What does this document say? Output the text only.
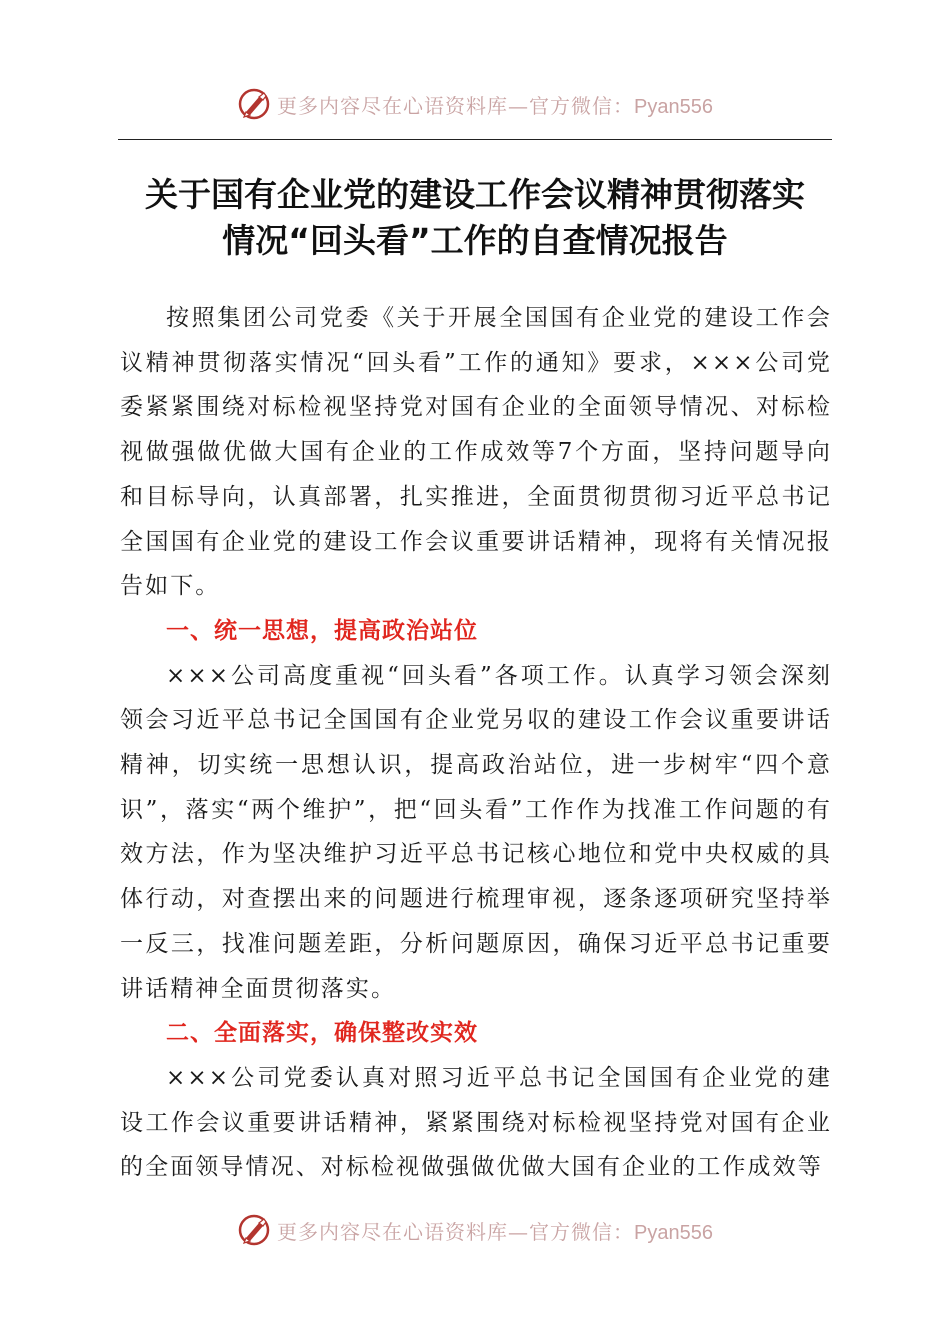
更多内容尽在心语资料库—官方微信：Pyan556
关于国有企业党的建设工作会议精神贯彻落实
情况“回头看”工作的自查情况报告

按照集团公司党委《关于开展全国国有企业党的建设工作会议精神贯彻落实情况“回头看”工作的通知》要求，×××公司党委紧紧围绕对标检视坚持党对国有企业的全面领导情况、对标检视做强做优做大国有企业的工作成效等7个方面，坚持问题导向和目标导向，认真部署，扎实推进，全面贯彻贯彻习近平总书记全国国有企业党的建设工作会议重要讲话精神，现将有关情况报告如下。

一、统一思想，提高政治站位

×××公司高度重视“回头看”各项工作。认真学习领会深刻领会习近平总书记全国国有企业党另収的建设工作会议重要讲话精神，切实统一思想认识，提高政治站位，进一步树牢“四个意识”，落实“两个维护”，把“回头看”工作作为找准工作问题的有效方法，作为坚决维护习近平总书记核心地位和党中央权威的具体行动，对查摆出来的问题进行梳理审视，逐条逐项研究坚持举一反三，找准问题差距，分析问题原因，确保习近平总书记重要讲话精神全面贯彻落实。

二、全面落实，确保整改实效

×××公司党委认真对照习近平总书记全国国有企业党的建设工作会议重要讲话精神，紧紧围绕对标检视坚持党对国有企业的全面领导情况、对标检视做强做优做大国有企业的工作成效等

更多内容尽在心语资料库—官方微信：Pyan556
